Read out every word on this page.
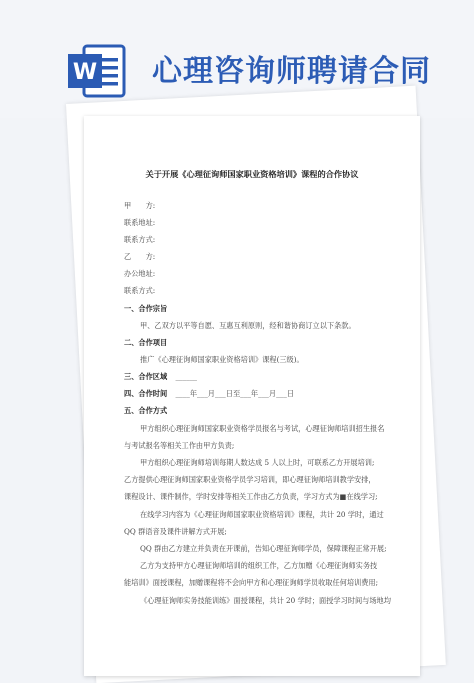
W 心理咨询师聘请合同
关于开展《心理征询师国家职业资格培训》课程的合作协议
甲　　方:
联系地址:
联系方式:
乙　　方:
办公地址:
联系方式:
一、合作宗旨
甲、乙双方以平等自愿、互惠互利原则，经和谐协商订立以下条款。
二、合作项目
推广《心理征询师国家职业资格培训》课程(三级)。
三、合作区域 ______
四、合作时间 ____年___月___日至___年___月___日
五、合作方式
甲方组织心理征询师国家职业资格学员报名与考试，心理征询师培训招生报名
与考试报名等相关工作由甲方负责;
甲方组织心理征询师培训每期人数达成 5 人以上时，可联系乙方开展培训;
乙方提供心理征询师国家职业资格学员学习培训，即心理征询师培训教学安排，
课程设计、课件制作，学时安排等相关工作由乙方负责，学习方式为■在线学习;
在线学习内容为《心理征询师国家职业资格培训》课程，共计 20 学时，通过
QQ 群语音及课件讲解方式开展;
QQ 群由乙方建立并负责在开课前，告知心理征询师学员，保障课程正常开展;
乙方为支持甲方心理征询师培训的组织工作，乙方加赠《心理征询师实务技
能培训》面授课程，加赠课程将不会向甲方和心理征询师学员收取任何培训费用;
《心理征询师实务技能训练》面授课程，共计 20 学时；面授学习时间与场地均
